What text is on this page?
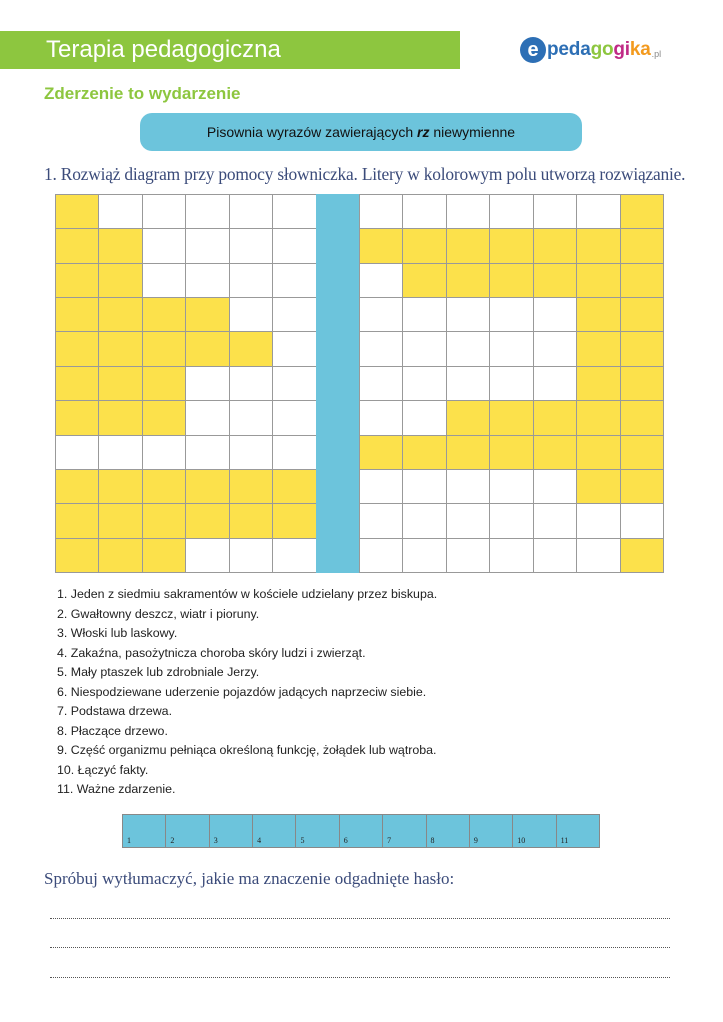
Terapia pedagogiczna	e pedagogika .pl
Zderzenie to wydarzenie
Pisownia wyrazów zawierających rz niewymienne
1. Rozwiąż diagram przy pomocy słowniczka. Litery w kolorowym polu utworzą rozwiązanie.
1. Jeden z siedmiu sakramentów w kościele udzielany przez biskupa.
2. Gwałtowny deszcz, wiatr i pioruny.
3. Włoski lub laskowy.
4. Zakaźna, pasożytnicza choroba skóry ludzi i zwierząt.
5. Mały ptaszek lub zdrobniale Jerzy.
6. Niespodziewane uderzenie pojazdów jadących naprzeciw siebie.
7. Podstawa drzewa.
8. Płaczące drzewo.
9. Część organizmu pełniąca określoną funkcję, żołądek lub wątroba.
10. Łączyć fakty.
11. Ważne zdarzenie.
1	2	3	4	5	6	7	8	9	10	11
Spróbuj wytłumaczyć, jakie ma znaczenie odgadnięte hasło:
